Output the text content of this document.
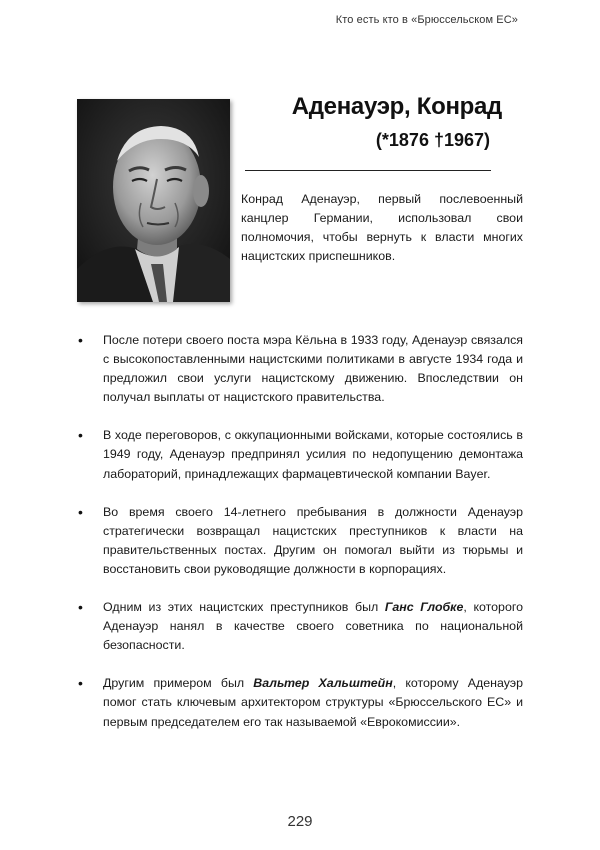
Кто есть кто в «Брюссельском ЕС»
Аденауэр, Конрад
(*1876 †1967)

Конрад Аденауэр, первый послевоенный канцлер Германии, использовал свои полномочия, чтобы вернуть к власти многих нацистских приспешников.

• После потери своего поста мэра Кёльна в 1933 году, Аденауэр связался с высокопоставленными нацистскими политиками в августе 1934 года и предложил свои услуги нацистскому движению. Впоследствии он получал выплаты от нацистского правительства.
• В ходе переговоров, с оккупационными войсками, которые состоялись в 1949 году, Аденауэр предпринял усилия по недопущению демонтажа лабораторий, принадлежащих фармацевтической компании Bayer.
• Во время своего 14-летнего пребывания в должности Аденауэр стратегически возвращал нацистских преступников к власти на правительственных постах. Другим он помогал выйти из тюрьмы и восстановить свои руководящие должности в корпорациях.
• Одним из этих нацистских преступников был Ганс Глобке, которого Аденауэр нанял в качестве своего советника по национальной безопасности.
• Другим примером был Вальтер Хальштейн, которому Аденауэр помог стать ключевым архитектором структуры «Брюссельского ЕС» и первым председателем его так называемой «Еврокомиссии».
229
